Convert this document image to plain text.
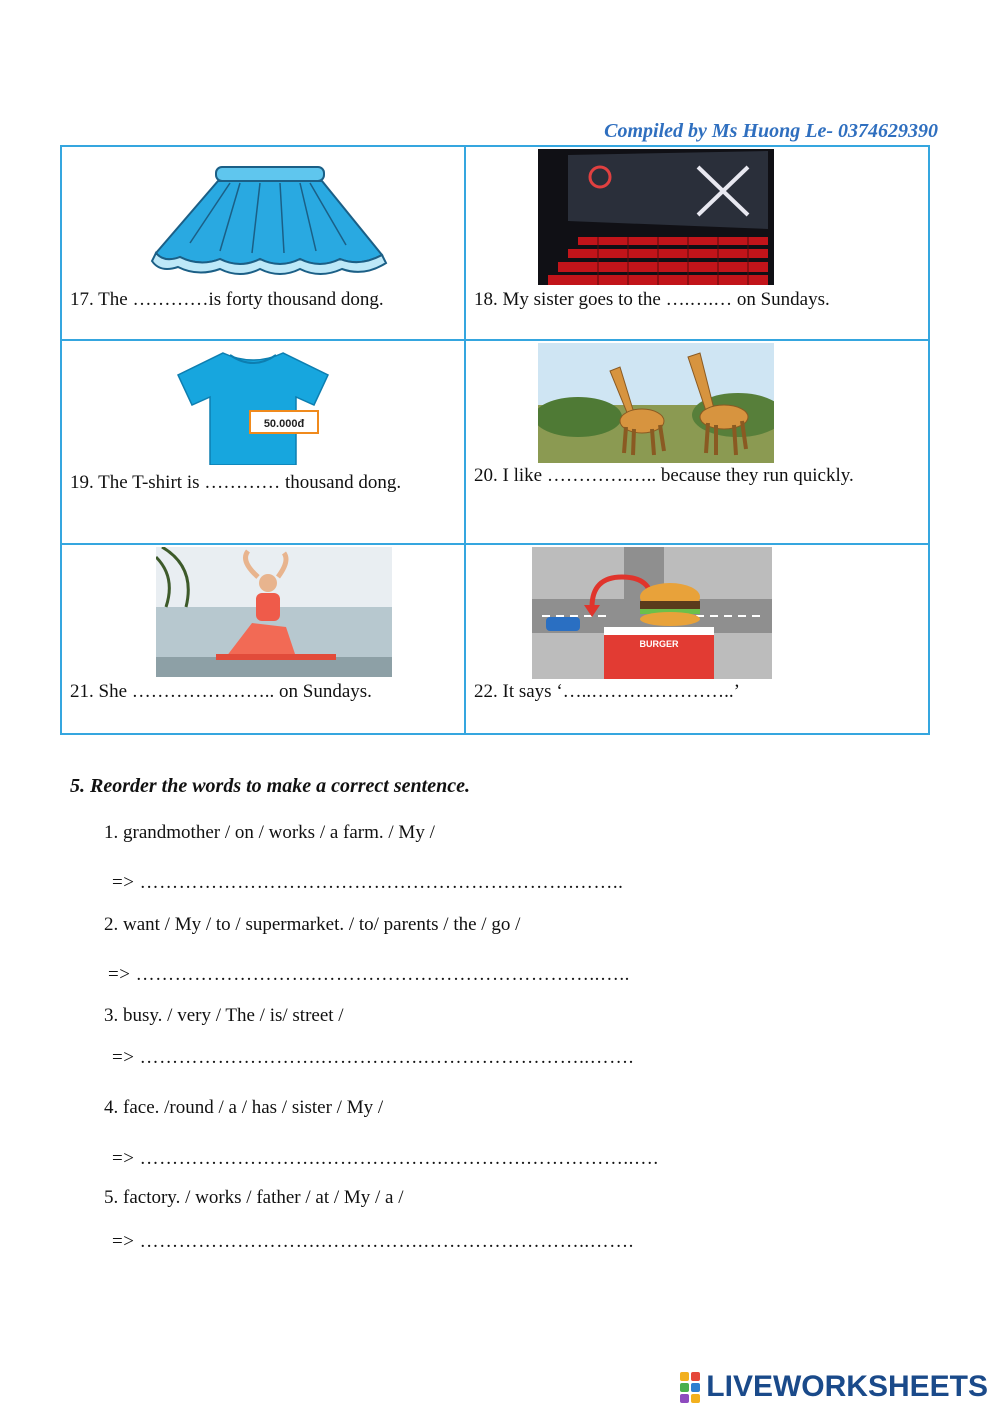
Compiled by Ms Huong Le- 0374629390
17. The …………is forty thousand dong.	18. My sister goes to the ….….… on Sundays.
50.000đ
19. The T-shirt is ………… thousand dong.	20. I like ………….….. because they run quickly.
21. She ………………….. on Sundays.
BURGER
22. It says ‘…..…………………..’
5. Reorder the words to make a correct sentence.
1. grandmother / on / works / a farm. / My /
=> ………………………………………………………….……..
2. want / My / to / supermarket. / to/ parents / the / go /
=> ……………………….……………………………………..…..
3. busy. / very / The / is/ street /
=> ……………………….…………….……………………..…….
4. face. /round / a / has / sister / My /
=> ……………………….……………….………….……………..….
5. factory. / works / father / at / My / a /
=> ……………………….…………….……………………..…….
LIVEWORKSHEETS
